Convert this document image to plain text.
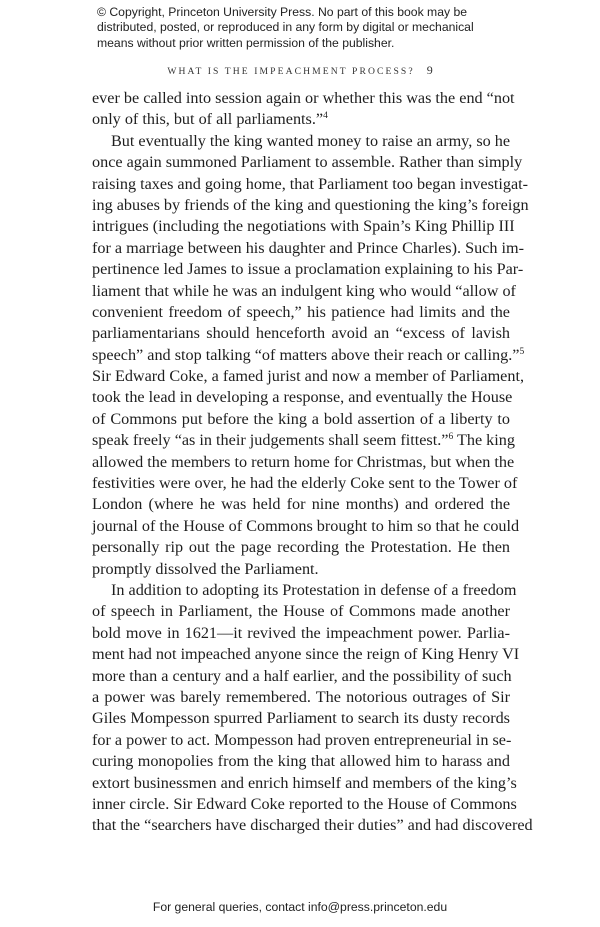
© Copyright, Princeton University Press. No part of this book may be
distributed, posted, or reproduced in any form by digital or mechanical
means without prior written permission of the publisher.
WHAT IS THE IMPEACHMENT PROCESS? 9
ever be called into session again or whether this was the end “not
only of this, but of all parliaments.”$^4$
But eventually the king wanted money to raise an army, so he
once again summoned Parliament to assemble. Rather than simply
raising taxes and going home, that Parliament too began investigat-
ing abuses by friends of the king and questioning the king’s foreign
intrigues (including the negotiations with Spain’s King Phillip III
for a marriage between his daughter and Prince Charles). Such im-
pertinence led James to issue a proclamation explaining to his Par-
liament that while he was an indulgent king who would “allow of
convenient freedom of speech,” his patience had limits and the
parliamentarians should henceforth avoid an “excess of lavish
speech” and stop talking “of matters above their reach or calling.”$^5$
Sir Edward Coke, a famed jurist and now a member of Parliament,
took the lead in developing a response, and eventually the House
of Commons put before the king a bold assertion of a liberty to
speak freely “as in their judgements shall seem fittest.”$^6$ The king
allowed the members to return home for Christmas, but when the
festivities were over, he had the elderly Coke sent to the Tower of
London (where he was held for nine months) and ordered the
journal of the House of Commons brought to him so that he could
personally rip out the page recording the Protestation. He then
promptly dissolved the Parliament.
In addition to adopting its Protestation in defense of a freedom
of speech in Parliament, the House of Commons made another
bold move in 1621—it revived the impeachment power. Parlia-
ment had not impeached anyone since the reign of King Henry VI
more than a century and a half earlier, and the possibility of such
a power was barely remembered. The notorious outrages of Sir
Giles Mompesson spurred Parliament to search its dusty records
for a power to act. Mompesson had proven entrepreneurial in se-
curing monopolies from the king that allowed him to harass and
extort businessmen and enrich himself and members of the king’s
inner circle. Sir Edward Coke reported to the House of Commons
that the “searchers have discharged their duties” and had discovered
For general queries, contact info@press.princeton.edu
